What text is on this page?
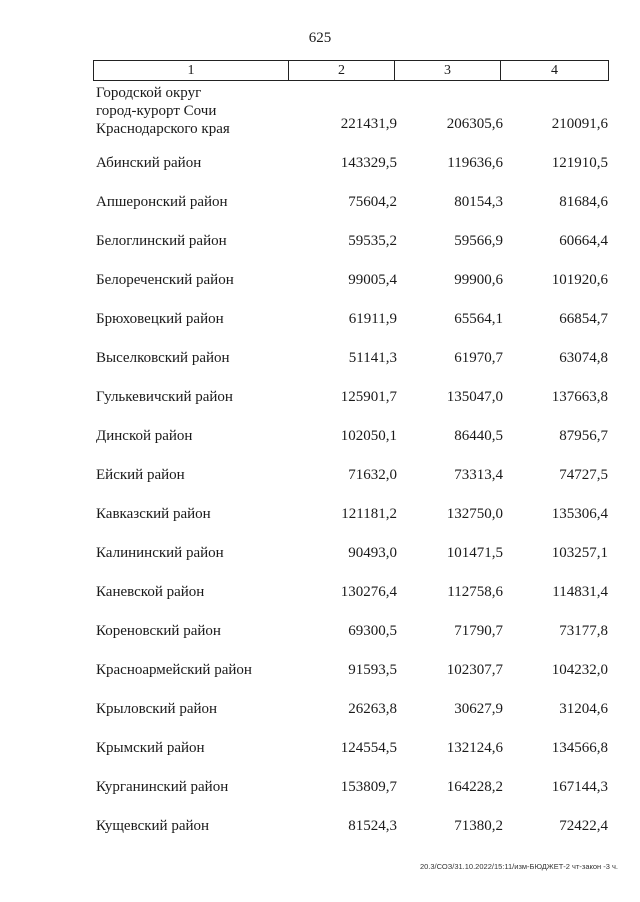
625
1	2	3	4
Городской округ
город-курорт Сочи
Краснодарского края	221431,9	206305,6	210091,6
Абинский район	143329,5	119636,6	121910,5
Апшеронский район	75604,2	80154,3	81684,6
Белоглинский район	59535,2	59566,9	60664,4
Белореченский район	99005,4	99900,6	101920,6
Брюховецкий район	61911,9	65564,1	66854,7
Выселковский район	51141,3	61970,7	63074,8
Гулькевичский район	125901,7	135047,0	137663,8
Динской район	102050,1	86440,5	87956,7
Ейский район	71632,0	73313,4	74727,5
Кавказский район	121181,2	132750,0	135306,4
Калининский район	90493,0	101471,5	103257,1
Каневской район	130276,4	112758,6	114831,4
Кореновский район	69300,5	71790,7	73177,8
Красноармейский район	91593,5	102307,7	104232,0
Крыловский район	26263,8	30627,9	31204,6
Крымский район	124554,5	132124,6	134566,8
Курганинский район	153809,7	164228,2	167144,3
Кущевский район	81524,3	71380,2	72422,4
20.3/СОЗ/31.10.2022/15:11/изм-БЮДЖЕТ-2 чт-закон -3 ч.
